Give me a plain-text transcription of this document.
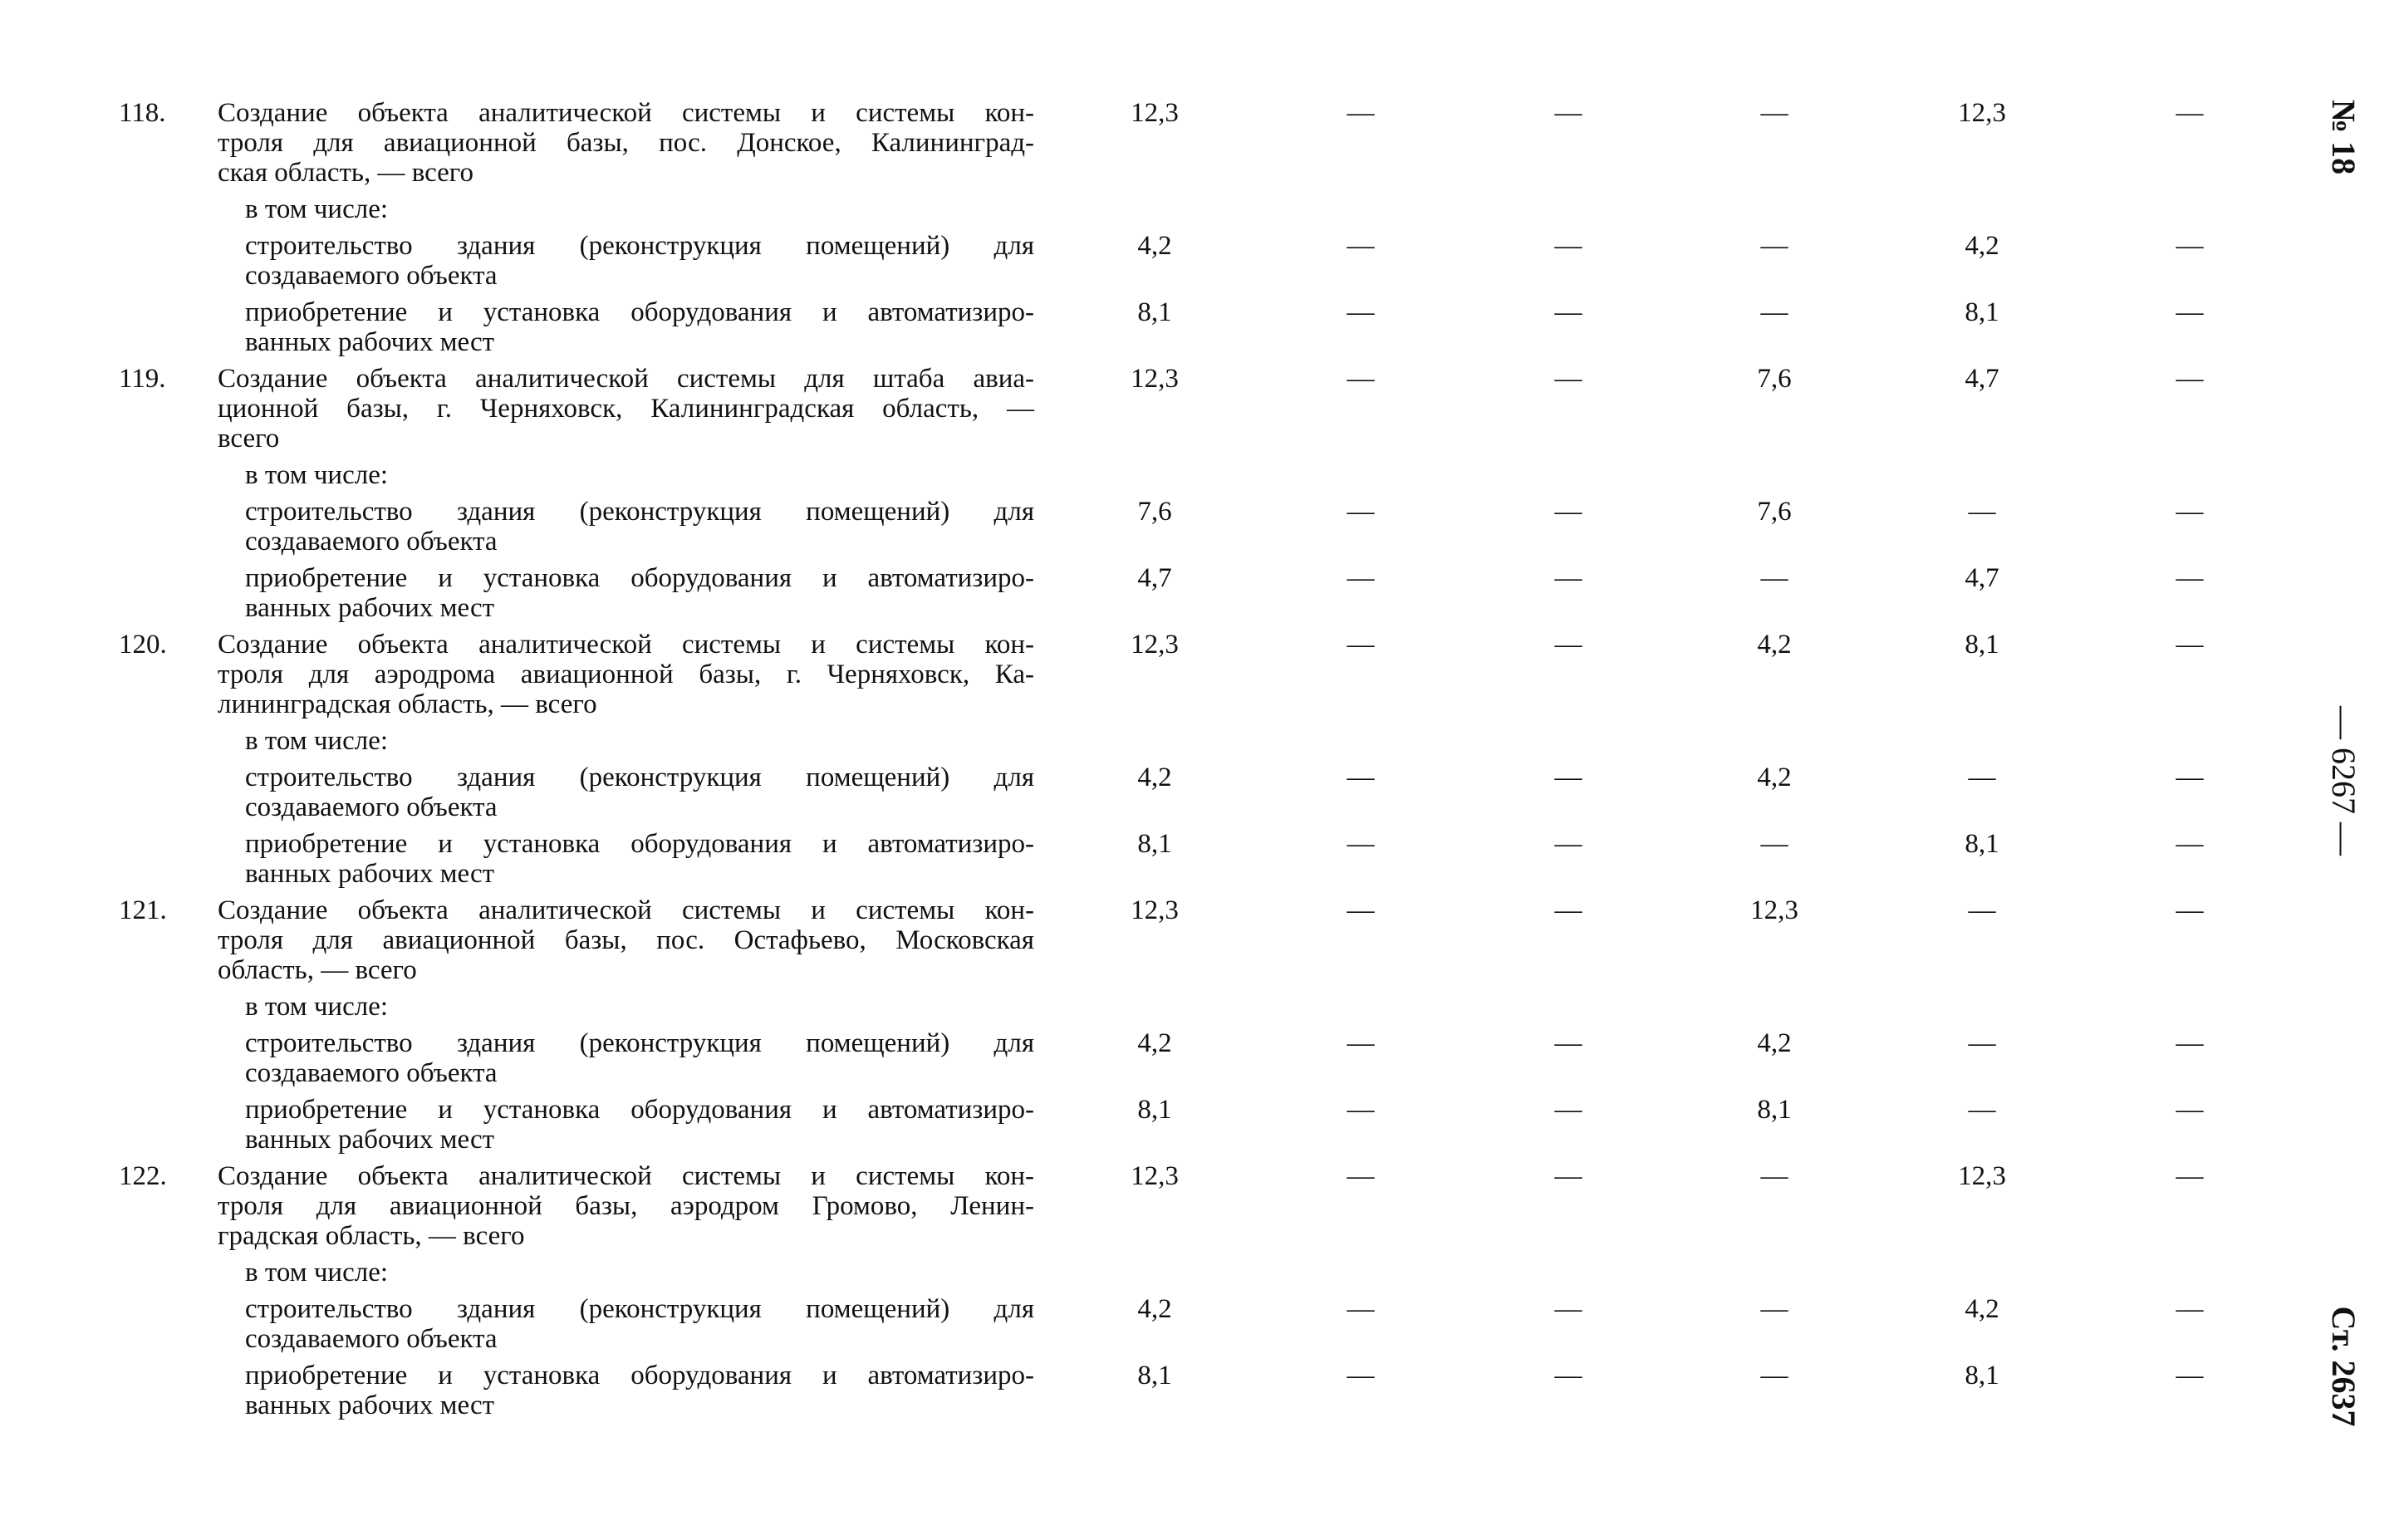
118. Создание объекта аналитической системы и системы кон-
троля для авиационной базы, пос. Донское, Калининград-
ская область, — всего
12,3	—	—	—	12,3	—
в том числе:
строительство здания (реконструкция помещений) для
создаваемого объекта
4,2	—	—	—	4,2	—
приобретение и установка оборудования и автоматизиро-
ванных рабочих мест
8,1	—	—	—	8,1	—
119. Создание объекта аналитической системы для штаба авиа-
ционной базы, г. Черняховск, Калининградская область, —
всего
12,3	—	—	7,6	4,7	—
в том числе:
строительство здания (реконструкция помещений) для
создаваемого объекта
7,6	—	—	7,6	—	—
приобретение и установка оборудования и автоматизиро-
ванных рабочих мест
4,7	—	—	—	4,7	—
120. Создание объекта аналитической системы и системы кон-
троля для аэродрома авиационной базы, г. Черняховск, Ка-
лининградская область, — всего
12,3	—	—	4,2	8,1	—
в том числе:
строительство здания (реконструкция помещений) для
создаваемого объекта
4,2	—	—	4,2	—	—
приобретение и установка оборудования и автоматизиро-
ванных рабочих мест
8,1	—	—	—	8,1	—
121. Создание объекта аналитической системы и системы кон-
троля для авиационной базы, пос. Остафьево, Московская
область, — всего
12,3	—	—	12,3	—	—
в том числе:
строительство здания (реконструкция помещений) для
создаваемого объекта
4,2	—	—	4,2	—	—
приобретение и установка оборудования и автоматизиро-
ванных рабочих мест
8,1	—	—	8,1	—	—
122. Создание объекта аналитической системы и системы кон-
троля для авиационной базы, аэродром Громово, Ленин-
градская область, — всего
12,3	—	—	—	12,3	—
в том числе:
строительство здания (реконструкция помещений) для
создаваемого объекта
4,2	—	—	—	4,2	—
приобретение и установка оборудования и автоматизиро-
ванных рабочих мест
8,1	—	—	—	8,1	—
№ 18
— 6267 —
Ст. 2637
